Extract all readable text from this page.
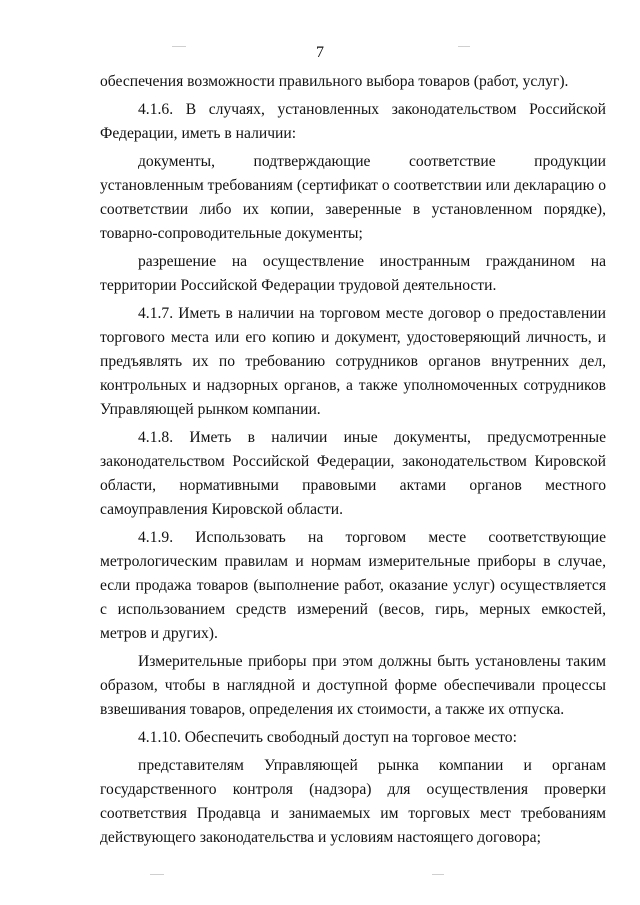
7

обеспечения возможности правильного выбора товаров (работ, услуг).

4.1.6. В случаях, установленных законодательством Российской Федерации, иметь в наличии:

документы, подтверждающие соответствие продукции установленным требованиям (сертификат о соответствии или декларацию о соответствии либо их копии, заверенные в установленном порядке), товарно-сопроводительные документы;

разрешение на осуществление иностранным гражданином на территории Российской Федерации трудовой деятельности.

4.1.7. Иметь в наличии на торговом месте договор о предоставлении торгового места или его копию и документ, удостоверяющий личность, и предъявлять их по требованию сотрудников органов внутренних дел, контрольных и надзорных органов, а также уполномоченных сотрудников Управляющей рынком компании.

4.1.8. Иметь в наличии иные документы, предусмотренные законодательством Российской Федерации, законодательством Кировской области, нормативными правовыми актами органов местного самоуправления Кировской области.

4.1.9. Использовать на торговом месте соответствующие метрологическим правилам и нормам измерительные приборы в случае, если продажа товаров (выполнение работ, оказание услуг) осуществляется с использованием средств измерений (весов, гирь, мерных емкостей, метров и других).

Измерительные приборы при этом должны быть установлены таким образом, чтобы в наглядной и доступной форме обеспечивали процессы взвешивания товаров, определения их стоимости, а также их отпуска.

4.1.10. Обеспечить свободный доступ на торговое место:

представителям Управляющей рынка компании и органам государственного контроля (надзора) для осуществления проверки соответствия Продавца и занимаемых им торговых мест требованиям действующего законодательства и условиям настоящего договора;
